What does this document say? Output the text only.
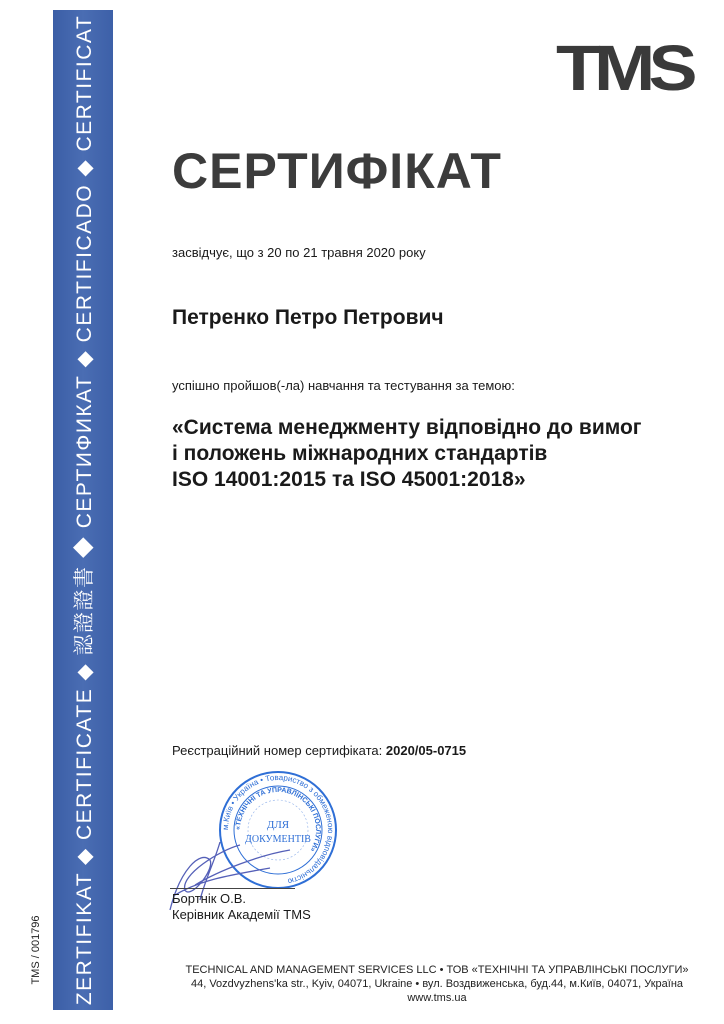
ZERTIFIKAT ◆ CERTIFICATE ◆ 認證證書 ◆ СЕРТИФИКАТ ◆ CERTIFICADO ◆ CERTIFICAT
TMS / 001796
TMS
СЕРТИФІКАТ
засвідчує, що з 20 по 21 травня 2020 року
Петренко Петро Петрович
успішно пройшов(-ла) навчання та тестування за темою:
«Система менеджменту відповідно до вимог
і положень міжнародних стандартів
ISO 14001:2015 та ISO 45001:2018»
Реєстраційний номер сертифіката: 2020/05-0715
м.Київ • Україна • Товариство з обмеженою відповідальністю
«ТЕХНІЧНІ ТА УПРАВЛІНСЬКІ ПОСЛУГИ»
ДЛЯ
ДОКУМЕНТІВ
Бортнік О.В.
Керівник Академії TMS
TECHNICAL AND MANAGEMENT SERVICES LLC • ТОВ «ТЕХНІЧНІ ТА УПРАВЛІНСЬКІ ПОСЛУГИ»
44, Vozdvyzhens'ka str., Kyiv, 04071, Ukraine • вул. Воздвиженська, буд.44, м.Київ, 04071, Україна
www.tms.ua
